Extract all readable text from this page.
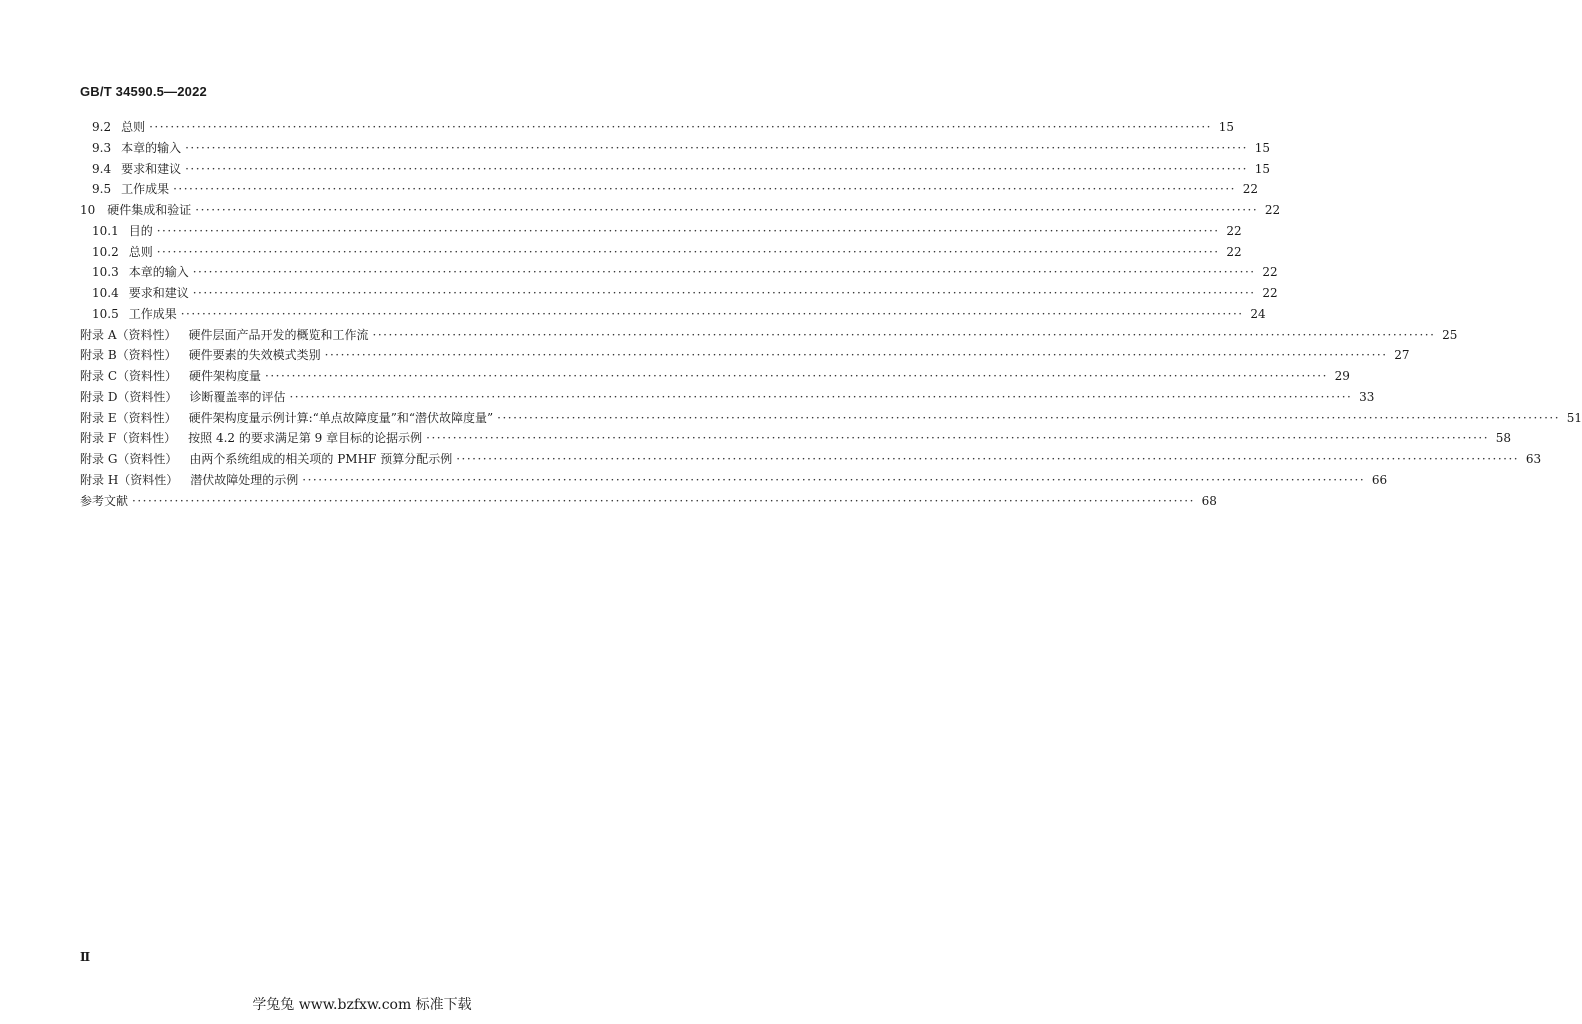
GB/T 34590.5—2022
9.2 总则 ········································································································································································································ 15
9.3 本章的输入 ········································································································································································································ 15
9.4 要求和建议 ········································································································································································································ 15
9.5 工作成果 ········································································································································································································ 22
10 硬件集成和验证 ········································································································································································································ 22
10.1 目的 ········································································································································································································ 22
10.2 总则 ········································································································································································································ 22
10.3 本章的输入 ········································································································································································································ 22
10.4 要求和建议 ········································································································································································································ 22
10.5 工作成果 ········································································································································································································ 24
附录 A（资料性） 硬件层面产品开发的概览和工作流 ········································································································································································································ 25
附录 B（资料性） 硬件要素的失效模式类别 ········································································································································································································ 27
附录 C（资料性） 硬件架构度量 ········································································································································································································ 29
附录 D（资料性） 诊断覆盖率的评估 ········································································································································································································ 33
附录 E（资料性） 硬件架构度量示例计算:“单点故障度量”和“潜伏故障度量” ········································································································································································································ 51
附录 F（资料性） 按照 4.2 的要求满足第 9 章目标的论据示例 ········································································································································································································ 58
附录 G（资料性） 由两个系统组成的相关项的 PMHF 预算分配示例 ········································································································································································································ 63
附录 H（资料性） 潜伏故障处理的示例 ········································································································································································································ 66
参考文献 ········································································································································································································ 68
Ⅱ
学兔兔 www.bzfxw.com 标准下载
